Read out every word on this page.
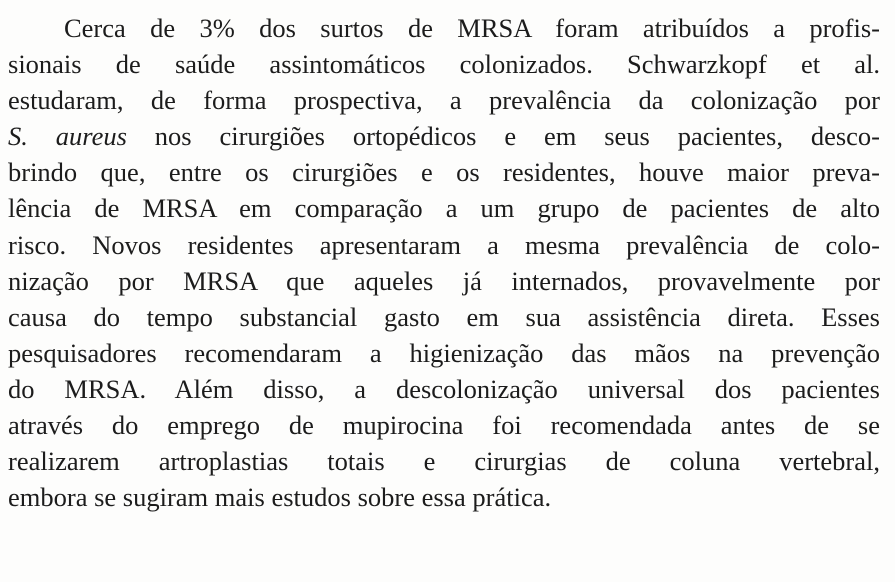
Cerca de 3% dos surtos de MRSA foram atribuídos a profis-
sionais de saúde assintomáticos colonizados. Schwarzkopf et al.
estudaram, de forma prospectiva, a prevalência da colonização por
S. aureus nos cirurgiões ortopédicos e em seus pacientes, desco-
brindo que, entre os cirurgiões e os residentes, houve maior preva-
lência de MRSA em comparação a um grupo de pacientes de alto
risco. Novos residentes apresentaram a mesma prevalência de colo-
nização por MRSA que aqueles já internados, provavelmente por
causa do tempo substancial gasto em sua assistência direta. Esses
pesquisadores recomendaram a higienização das mãos na prevenção
do MRSA. Além disso, a descolonização universal dos pacientes
através do emprego de mupirocina foi recomendada antes de se
realizarem artroplastias totais e cirurgias de coluna vertebral,
embora se sugiram mais estudos sobre essa prática.
